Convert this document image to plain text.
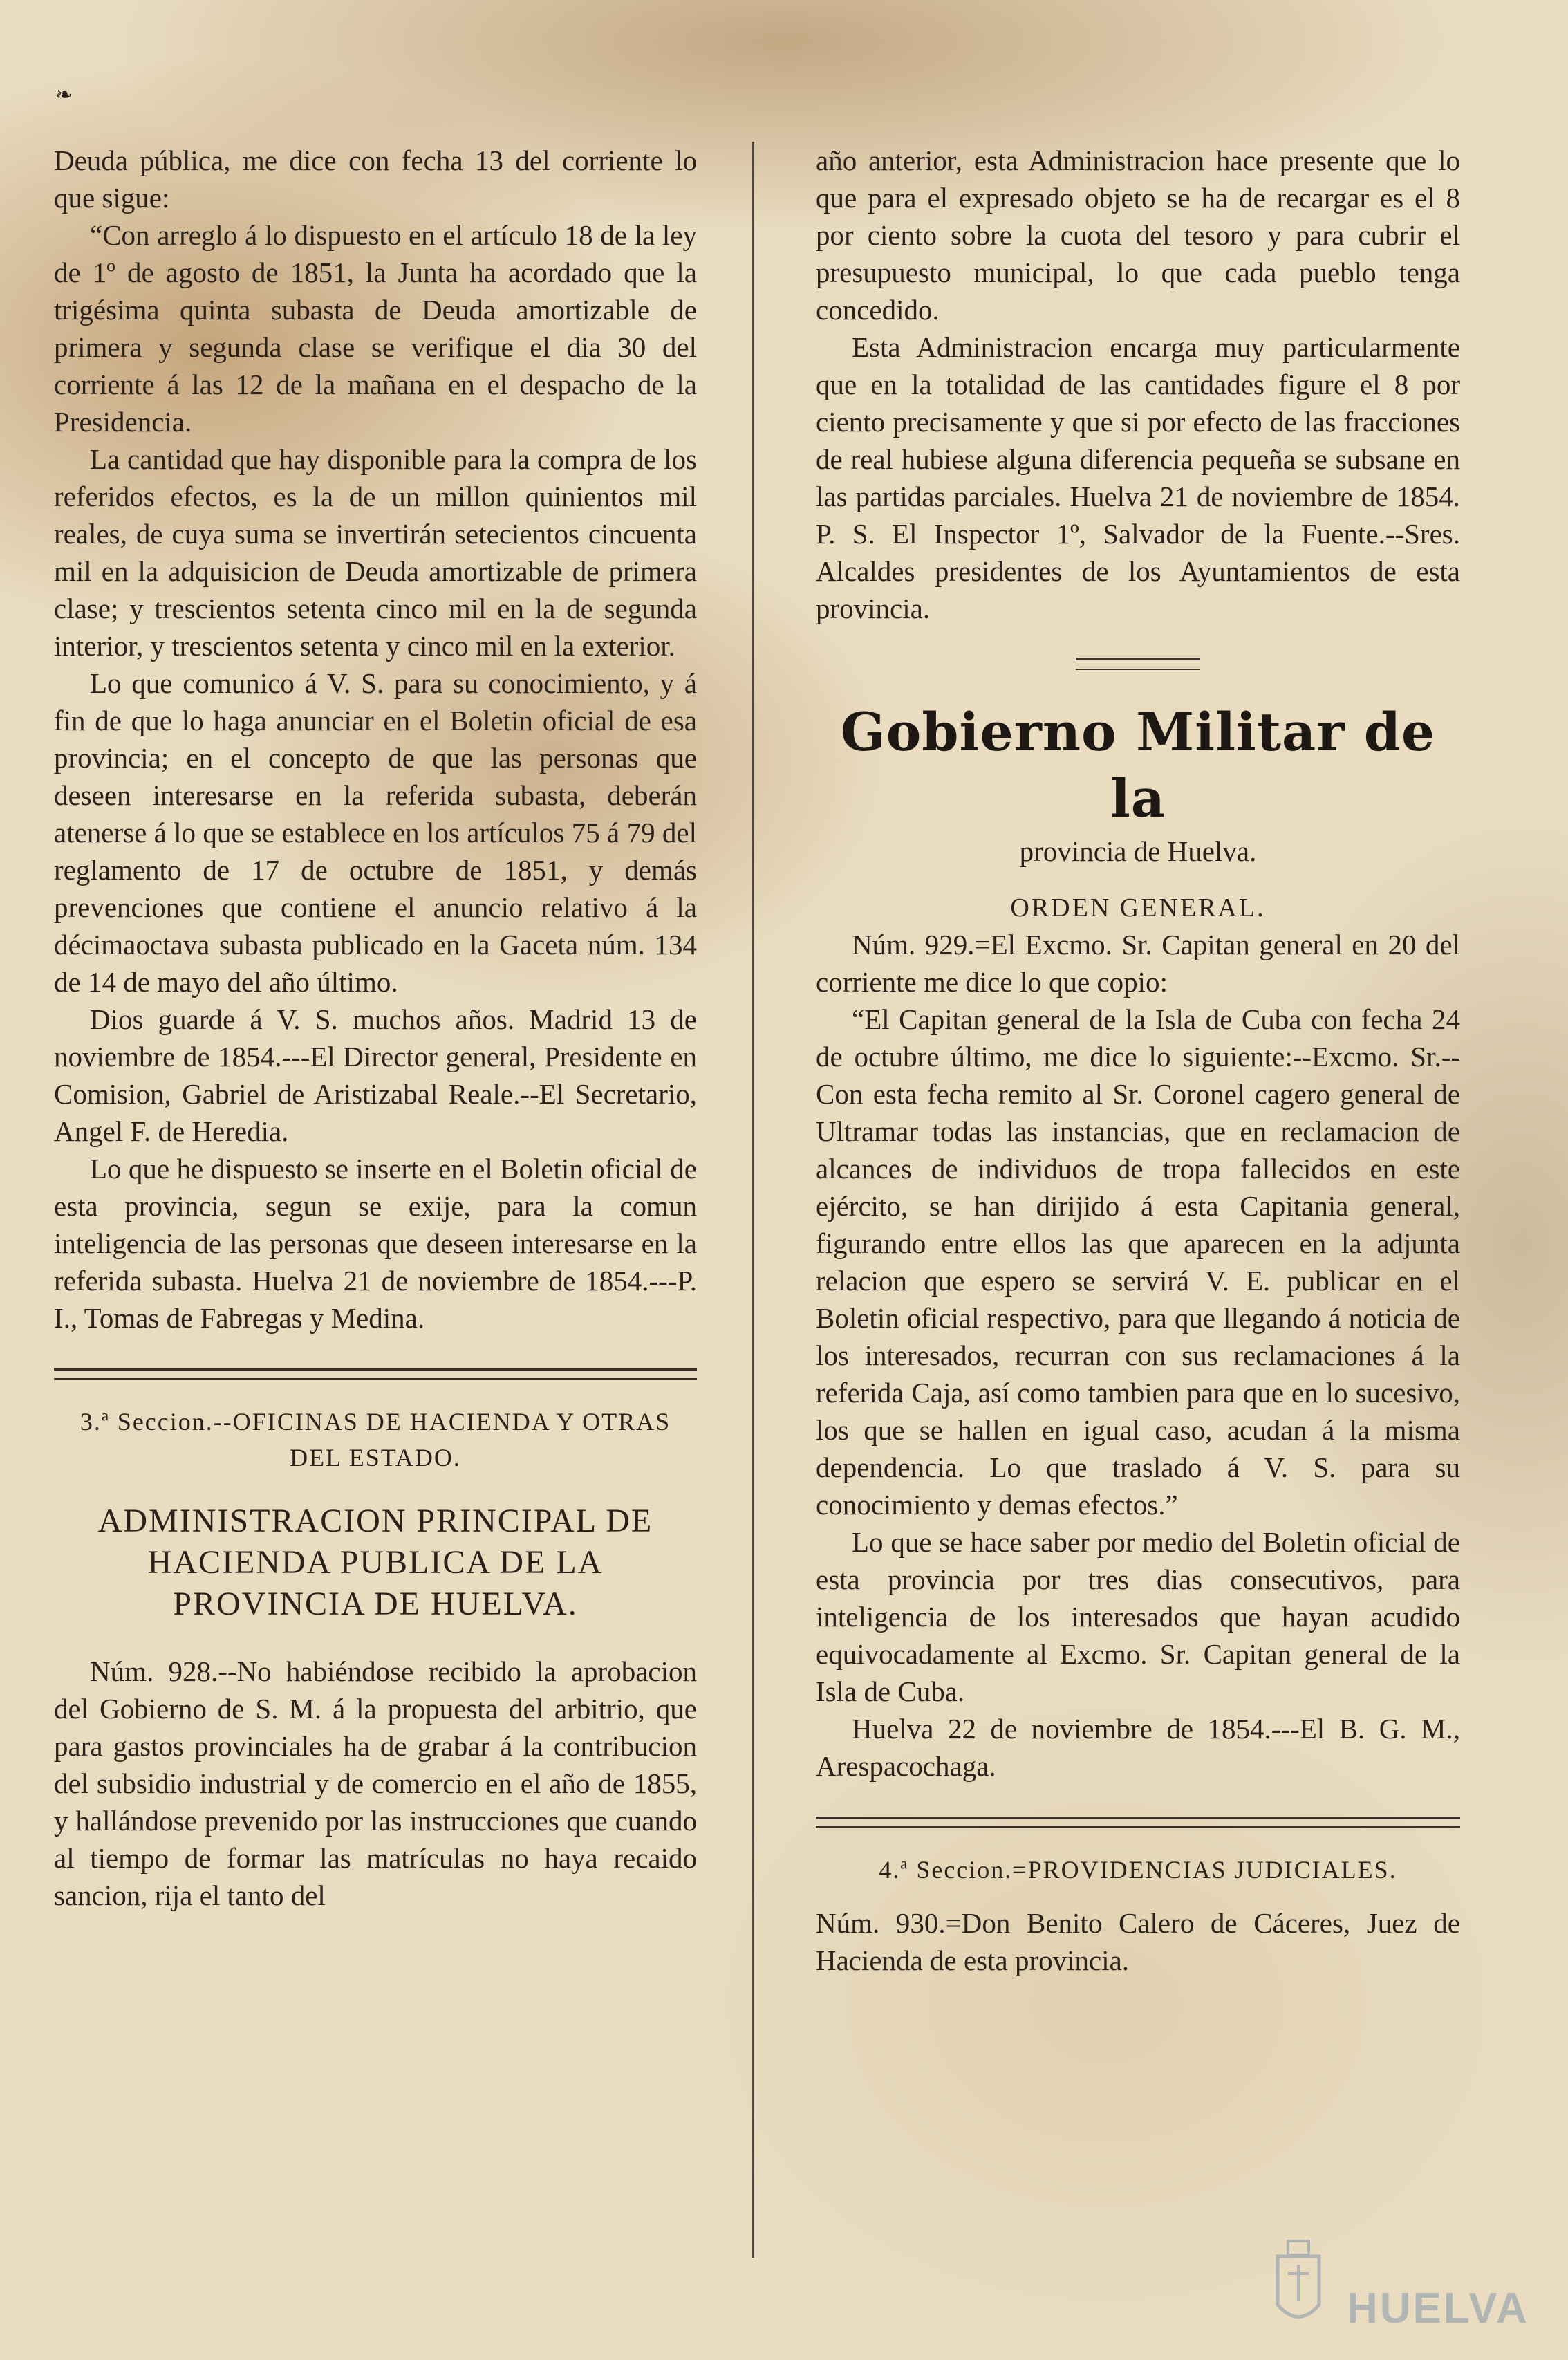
❧

Deuda pública, me dice con fecha 13 del corriente lo que sigue:

“Con arreglo á lo dispuesto en el artículo 18 de la ley de 1º de agosto de 1851, la Junta ha acordado que la trigésima quinta subasta de Deuda amortizable de primera y segunda clase se verifique el dia 30 del corriente á las 12 de la mañana en el despacho de la Presidencia.

La cantidad que hay disponible para la compra de los referidos efectos, es la de un millon quinientos mil reales, de cuya suma se invertirán setecientos cincuenta mil en la adquisicion de Deuda amortizable de primera clase; y trescientos setenta cinco mil en la de segunda interior, y trescientos setenta y cinco mil en la exterior.

Lo que comunico á V. S. para su conocimiento, y á fin de que lo haga anunciar en el Boletin oficial de esa provincia; en el concepto de que las personas que deseen interesarse en la referida subasta, deberán atenerse á lo que se establece en los artículos 75 á 79 del reglamento de 17 de octubre de 1851, y demás prevenciones que contiene el anuncio relativo á la décimaoctava subasta publicado en la Gaceta núm. 134 de 14 de mayo del año último.

Dios guarde á V. S. muchos años. Madrid 13 de noviembre de 1854.---El Director general, Presidente en Comision, Gabriel de Aristizabal Reale.--El Secretario, Angel F. de Heredia.

Lo que he dispuesto se inserte en el Boletin oficial de esta provincia, segun se exije, para la comun inteligencia de las personas que deseen interesarse en la referida subasta. Huelva 21 de noviembre de 1854.---P. I., Tomas de Fabregas y Medina.

3.ª Seccion.--OFICINAS DE HACIENDA Y OTRAS DEL ESTADO.

ADMINISTRACION PRINCIPAL DE HACIENDA PUBLICA DE LA PROVINCIA DE HUELVA.

Núm. 928.--No habiéndose recibido la aprobacion del Gobierno de S. M. á la propuesta del arbitrio, que para gastos provinciales ha de grabar á la contribucion del subsidio industrial y de comercio en el año de 1855, y hallándose prevenido por las instrucciones que cuando al tiempo de formar las matrículas no haya recaido sancion, rija el tanto del

año anterior, esta Administracion hace presente que lo que para el expresado objeto se ha de recargar es el 8 por ciento sobre la cuota del tesoro y para cubrir el presupuesto municipal, lo que cada pueblo tenga concedido.

Esta Administracion encarga muy particularmente que en la totalidad de las cantidades figure el 8 por ciento precisamente y que si por efecto de las fracciones de real hubiese alguna diferencia pequeña se subsane en las partidas parciales. Huelva 21 de noviembre de 1854. P. S. El Inspector 1º, Salvador de la Fuente.--Sres. Alcaldes presidentes de los Ayuntamientos de esta provincia.

Gobierno Militar de la

provincia de Huelva.

ORDEN GENERAL.

Núm. 929.=El Excmo. Sr. Capitan general en 20 del corriente me dice lo que copio:

“El Capitan general de la Isla de Cuba con fecha 24 de octubre último, me dice lo siguiente:--Excmo. Sr.--Con esta fecha remito al Sr. Coronel cagero general de Ultramar todas las instancias, que en reclamacion de alcances de individuos de tropa fallecidos en este ejército, se han dirijido á esta Capitania general, figurando entre ellos las que aparecen en la adjunta relacion que espero se servirá V. E. publicar en el Boletin oficial respectivo, para que llegando á noticia de los interesados, recurran con sus reclamaciones á la referida Caja, así como tambien para que en lo sucesivo, los que se hallen en igual caso, acudan á la misma dependencia. Lo que traslado á V. S. para su conocimiento y demas efectos.”

Lo que se hace saber por medio del Boletin oficial de esta provincia por tres dias consecutivos, para inteligencia de los interesados que hayan acudido equivocadamente al Excmo. Sr. Capitan general de la Isla de Cuba.

Huelva 22 de noviembre de 1854.---El B. G. M., Arespacochaga.

4.ª Seccion.=PROVIDENCIAS JUDICIALES.

Núm. 930.=Don Benito Calero de Cáceres, Juez de Hacienda de esta provincia.

HUELVA
